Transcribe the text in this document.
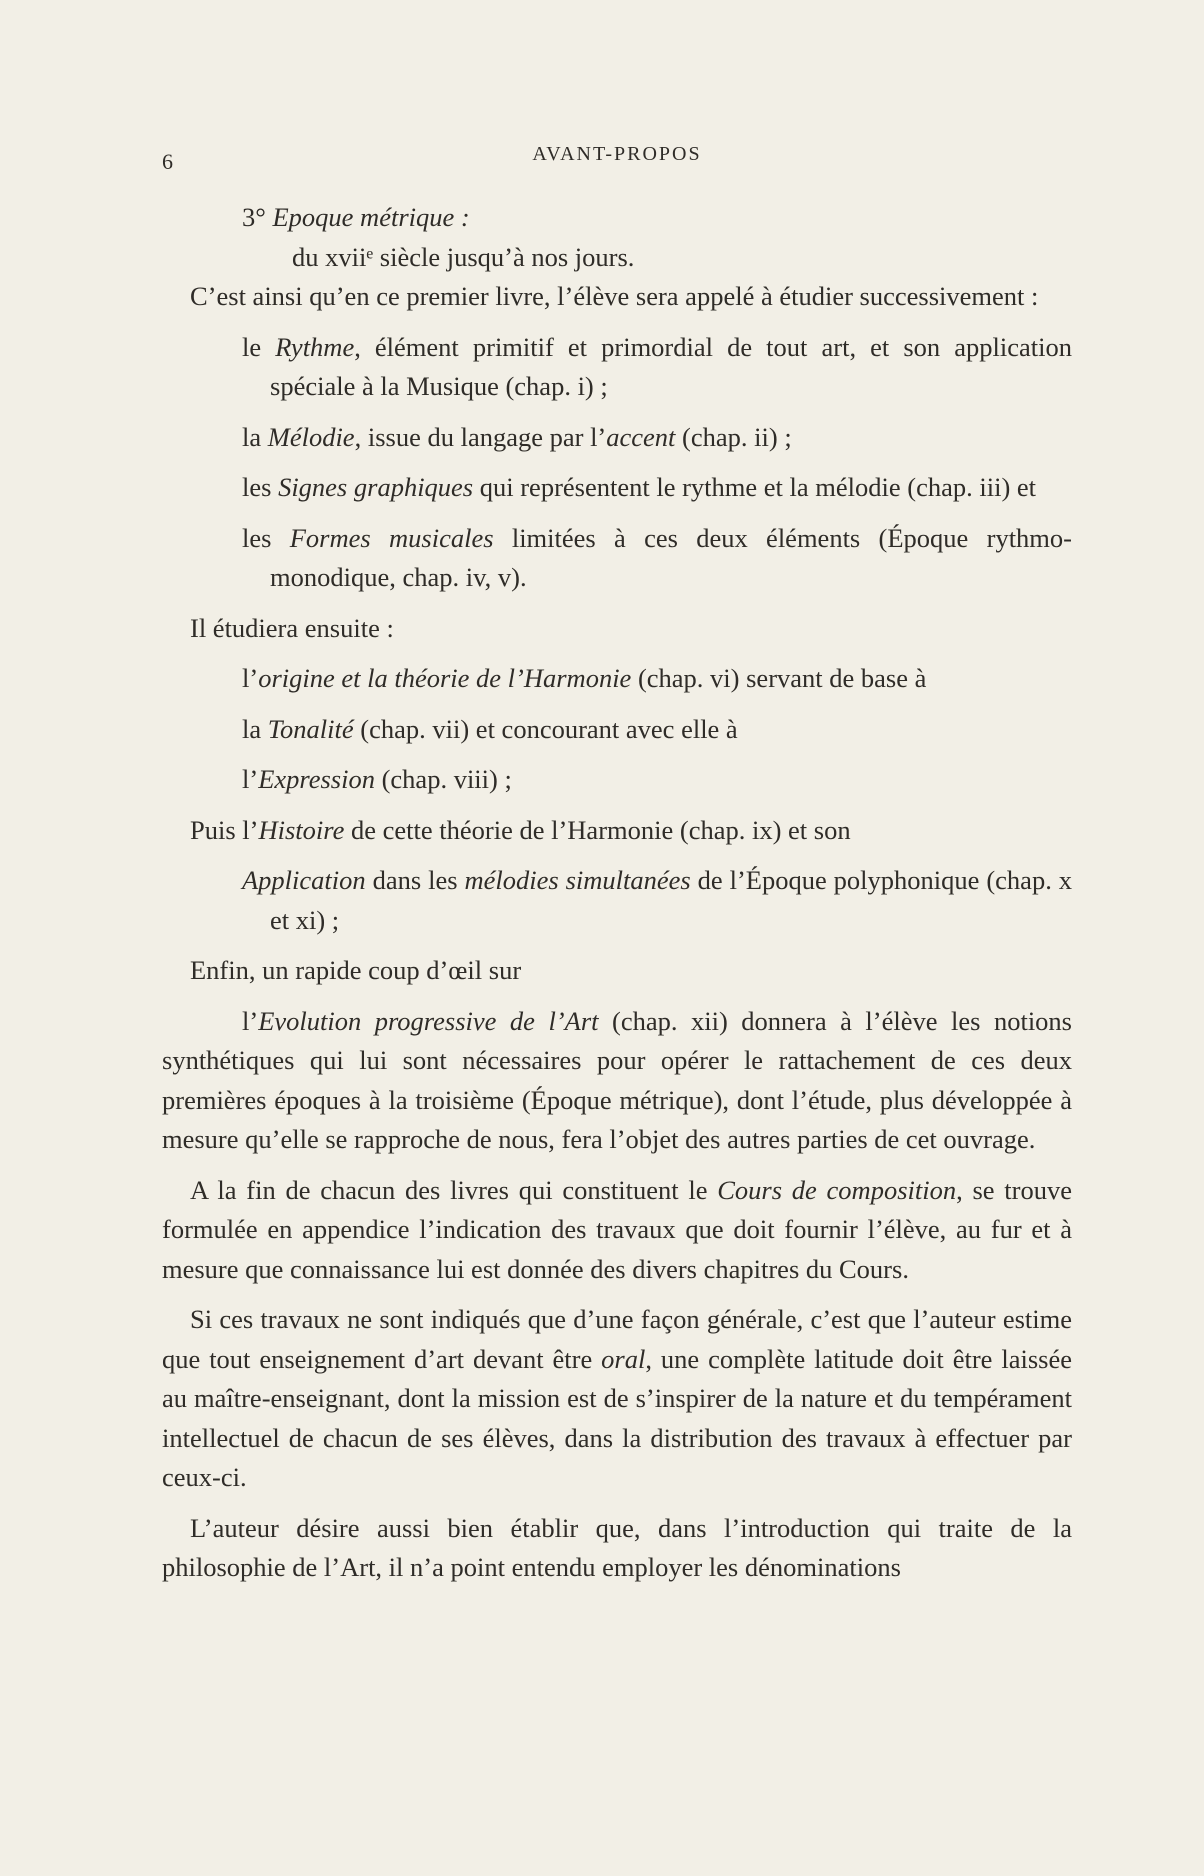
6	AVANT-PROPOS

3° Epoque métrique :

du xviiᵉ siècle jusqu’à nos jours.

C’est ainsi qu’en ce premier livre, l’élève sera appelé à étudier successivement :

le Rythme, élément primitif et primordial de tout art, et son application spéciale à la Musique (chap. i) ;

la Mélodie, issue du langage par l’accent (chap. ii) ;

les Signes graphiques qui représentent le rythme et la mélodie (chap. iii) et

les Formes musicales limitées à ces deux éléments (Époque rythmo-monodique, chap. iv, v).

Il étudiera ensuite :

l’origine et la théorie de l’Harmonie (chap. vi) servant de base à

la Tonalité (chap. vii) et concourant avec elle à

l’Expression (chap. viii) ;

Puis l’Histoire de cette théorie de l’Harmonie (chap. ix) et son

Application dans les mélodies simultanées de l’Époque polyphonique (chap. x et xi) ;

Enfin, un rapide coup d’œil sur

l’Evolution progressive de l’Art (chap. xii) donnera à l’élève les notions synthétiques qui lui sont nécessaires pour opérer le rattachement de ces deux premières époques à la troisième (Époque métrique), dont l’étude, plus développée à mesure qu’elle se rapproche de nous, fera l’objet des autres parties de cet ouvrage.

A la fin de chacun des livres qui constituent le Cours de composition, se trouve formulée en appendice l’indication des travaux que doit fournir l’élève, au fur et à mesure que connaissance lui est donnée des divers chapitres du Cours.

Si ces travaux ne sont indiqués que d’une façon générale, c’est que l’auteur estime que tout enseignement d’art devant être oral, une complète latitude doit être laissée au maître-enseignant, dont la mission est de s’inspirer de la nature et du tempérament intellectuel de chacun de ses élèves, dans la distribution des travaux à effectuer par ceux-ci.

L’auteur désire aussi bien établir que, dans l’introduction qui traite de la philosophie de l’Art, il n’a point entendu employer les dénominations
